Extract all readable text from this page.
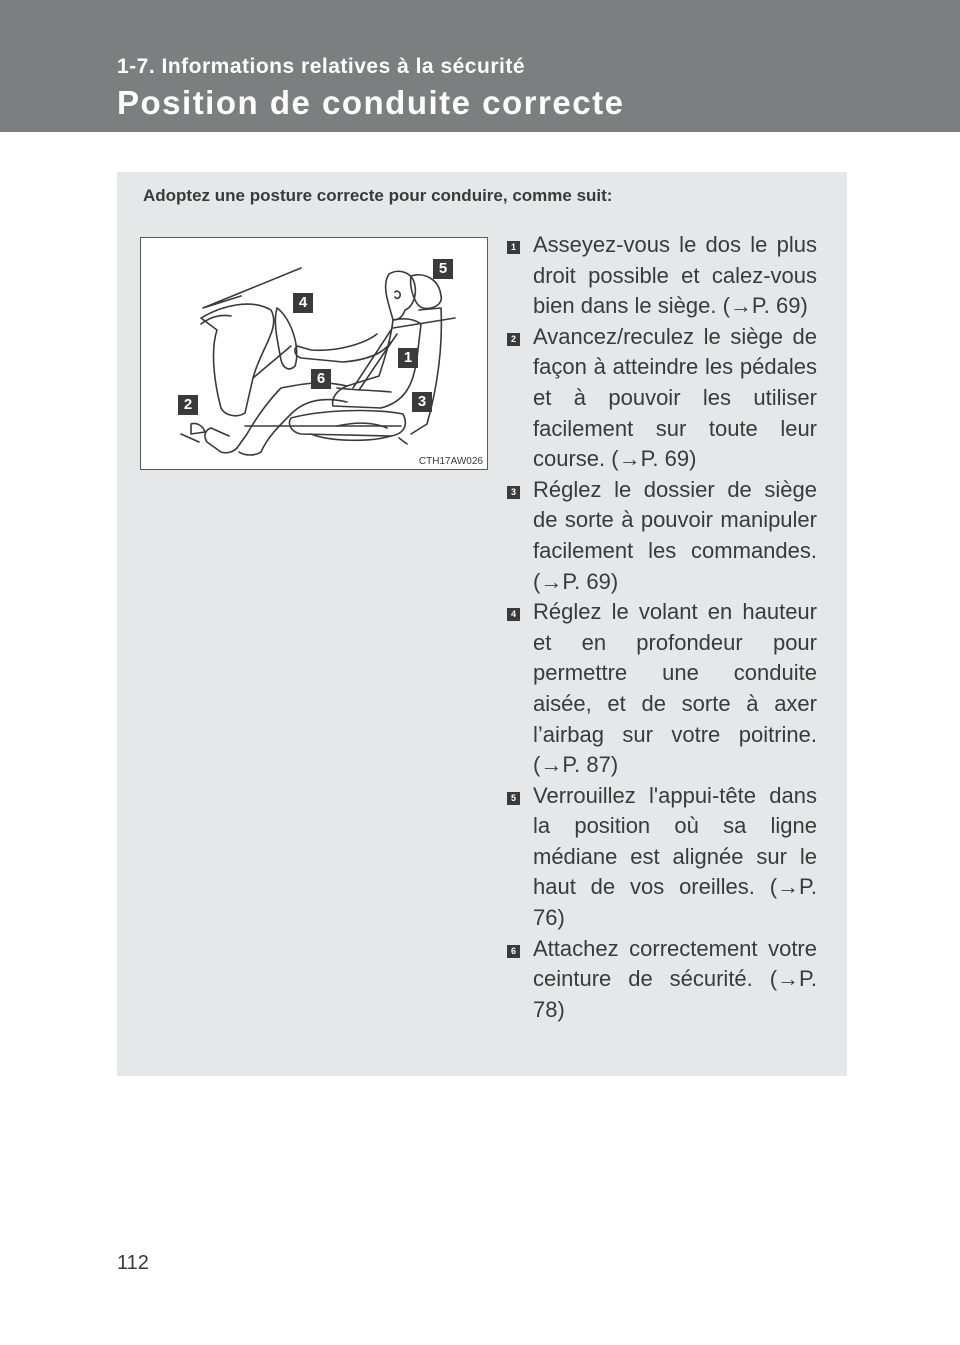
1-7. Informations relatives à la sécurité
Position de conduite correcte
Adoptez une posture correcte pour conduire, comme suit:
5
4
1
6
2	3
CTH17AW026
1 Asseyez-vous le dos le plus droit possible et calez-vous bien dans le siège. (→P. 69)
2 Avancez/reculez le siège de façon à atteindre les pédales et à pouvoir les utiliser facilement sur toute leur course. (→P. 69)
3 Réglez le dossier de siège de sorte à pouvoir manipuler facilement les commandes. (→P. 69)
4 Réglez le volant en hauteur et en profondeur pour permettre une conduite aisée, et de sorte à axer l’airbag sur votre poitrine. (→P. 87)
5 Verrouillez l'appui-tête dans la position où sa ligne médiane est alignée sur le haut de vos oreilles. (→P. 76)
6 Attachez correctement votre ceinture de sécurité. (→P. 78)
112
